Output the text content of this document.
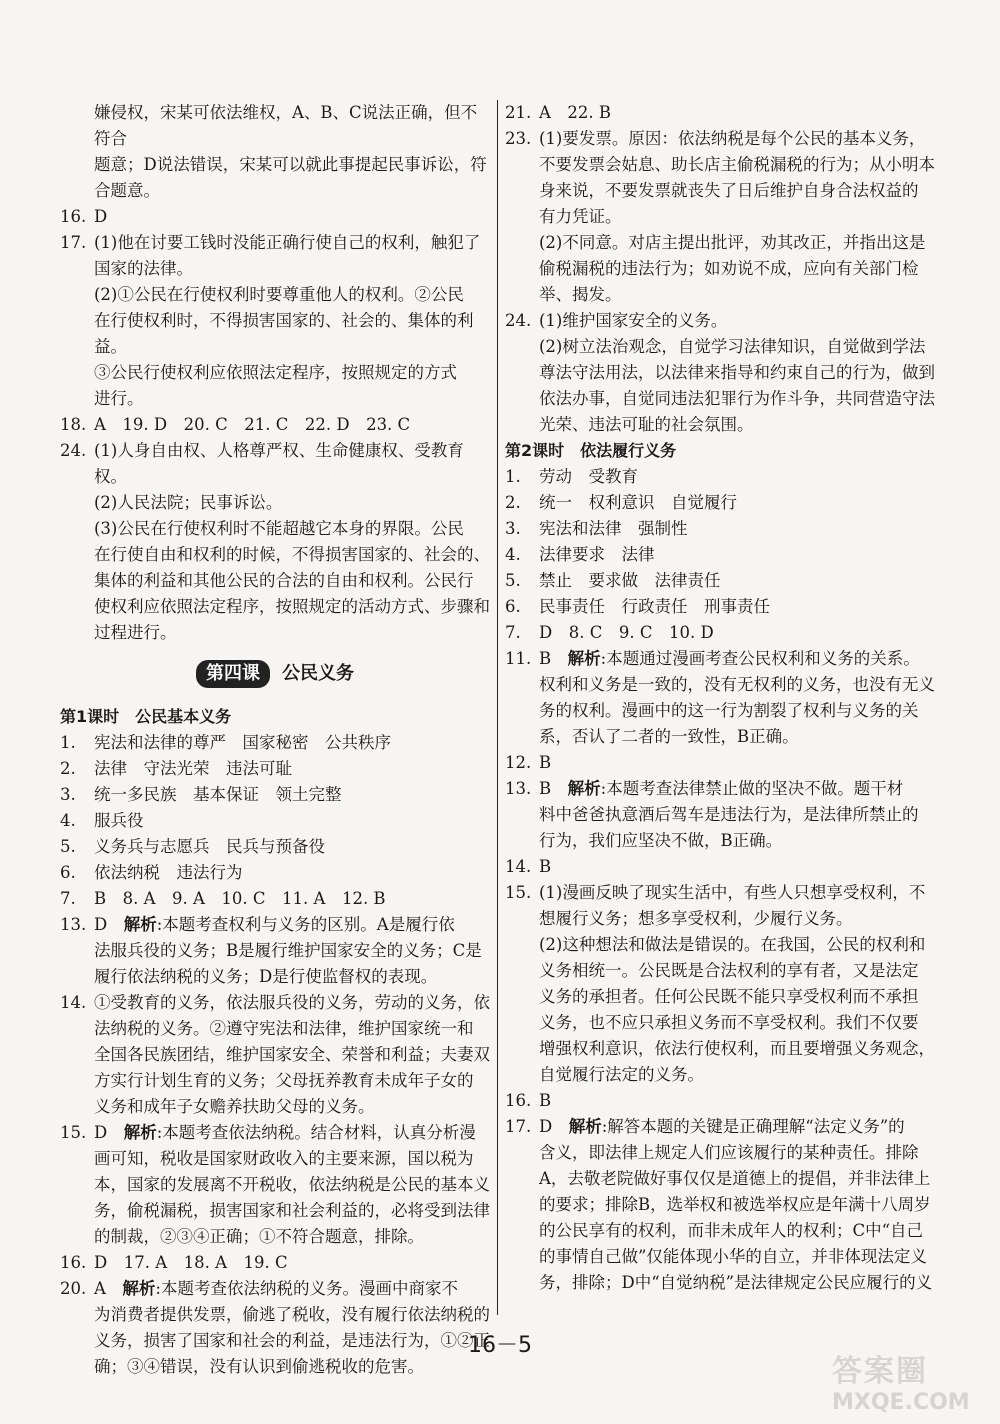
嫌侵权，宋某可依法维权，A、B、C说法正确，但不符合
题意；D说法错误，宋某可以就此事提起民事诉讼，符
合题意。
16. D
17. (1)他在讨要工钱时没能正确行使自己的权利，触犯了
国家的法律。
(2)①公民在行使权利时要尊重他人的权利。②公民
在行使权利时，不得损害国家的、社会的、集体的利益。
③公民行使权利应依照法定程序，按照规定的方式
进行。
18. A　19. D　20. C　21. C　22. D　23. C
24. (1)人身自由权、人格尊严权、生命健康权、受教育权。
(2)人民法院；民事诉讼。
(3)公民在行使权利时不能超越它本身的界限。公民
在行使自由和权利的时候，不得损害国家的、社会的、
集体的利益和其他公民的合法的自由和权利。公民行
使权利应依照法定程序，按照规定的活动方式、步骤和
过程进行。
第四课 公民义务
第1课时　公民基本义务
1.	宪法和法律的尊严　国家秘密　公共秩序
2.	法律　守法光荣　违法可耻
3.	统一多民族　基本保证　领土完整
4.	服兵役
5.	义务兵与志愿兵　民兵与预备役
6.	依法纳税　违法行为
7.	B　8. A　9. A　10. C　11. A　12. B
13. D　 解析:本题考查权利与义务的区别。A是履行依
法服兵役的义务；B是履行维护国家安全的义务；C是
履行依法纳税的义务；D是行使监督权的表现。
14. ①受教育的义务，依法服兵役的义务，劳动的义务，依
法纳税的义务。②遵守宪法和法律，维护国家统一和
全国各民族团结，维护国家安全、荣誉和利益；夫妻双
方实行计划生育的义务；父母抚养教育未成年子女的
义务和成年子女赡养扶助父母的义务。
15. D　 解析:本题考查依法纳税。结合材料，认真分析漫
画可知，税收是国家财政收入的主要来源，国以税为
本，国家的发展离不开税收，依法纳税是公民的基本义
务，偷税漏税，损害国家和社会利益的，必将受到法律
的制裁，②③④正确；①不符合题意，排除。
16. D　17. A　18. A　19. C
20. A　 解析:本题考查依法纳税的义务。漫画中商家不
为消费者提供发票，偷逃了税收，没有履行依法纳税的
义务，损害了国家和社会的利益，是违法行为，①②正
确；③④错误，没有认识到偷逃税收的危害。
21. A　22. B
23. (1)要发票。原因：依法纳税是每个公民的基本义务，
不要发票会姑息、助长店主偷税漏税的行为；从小明本
身来说，不要发票就丧失了日后维护自身合法权益的
有力凭证。
(2)不同意。对店主提出批评，劝其改正，并指出这是
偷税漏税的违法行为；如劝说不成，应向有关部门检
举、揭发。
24. (1)维护国家安全的义务。
(2)树立法治观念，自觉学习法律知识，自觉做到学法
尊法守法用法，以法律来指导和约束自己的行为，做到
依法办事，自觉同违法犯罪行为作斗争，共同营造守法
光荣、违法可耻的社会氛围。
第2课时　依法履行义务
1.	劳动　受教育
2.	统一　权利意识　自觉履行
3.	宪法和法律　强制性
4.	法律要求　法律
5.	禁止　要求做　法律责任
6.	民事责任　行政责任　刑事责任
7.	D　8. C　9. C　10. D
11. B　 解析:本题通过漫画考查公民权利和义务的关系。
权利和义务是一致的，没有无权利的义务，也没有无义
务的权利。漫画中的这一行为割裂了权利与义务的关
系，否认了二者的一致性，B正确。
12. B
13. B　 解析:本题考查法律禁止做的坚决不做。题干材
料中爸爸执意酒后驾车是违法行为，是法律所禁止的
行为，我们应坚决不做，B正确。
14. B
15. (1)漫画反映了现实生活中，有些人只想享受权利，不
想履行义务；想多享受权利，少履行义务。
(2)这种想法和做法是错误的。在我国，公民的权利和
义务相统一。公民既是合法权利的享有者，又是法定
义务的承担者。任何公民既不能只享受权利而不承担
义务，也不应只承担义务而不享受权利。我们不仅要
增强权利意识，依法行使权利，而且要增强义务观念，
自觉履行法定的义务。
16. B
17. D　 解析:解答本题的关键是正确理解“法定义务”的
含义，即法律上规定人们应该履行的某种责任。排除
A，去敬老院做好事仅仅是道德上的提倡，并非法律上
的要求；排除B，选举权和被选举权应是年满十八周岁
的公民享有的权利，而非未成年人的权利；C中“自己
的事情自己做”仅能体现小华的自立，并非体现法定义
务，排除；D中“自觉纳税”是法律规定公民应履行的义
16－5
答案圈
MXQE.COM
